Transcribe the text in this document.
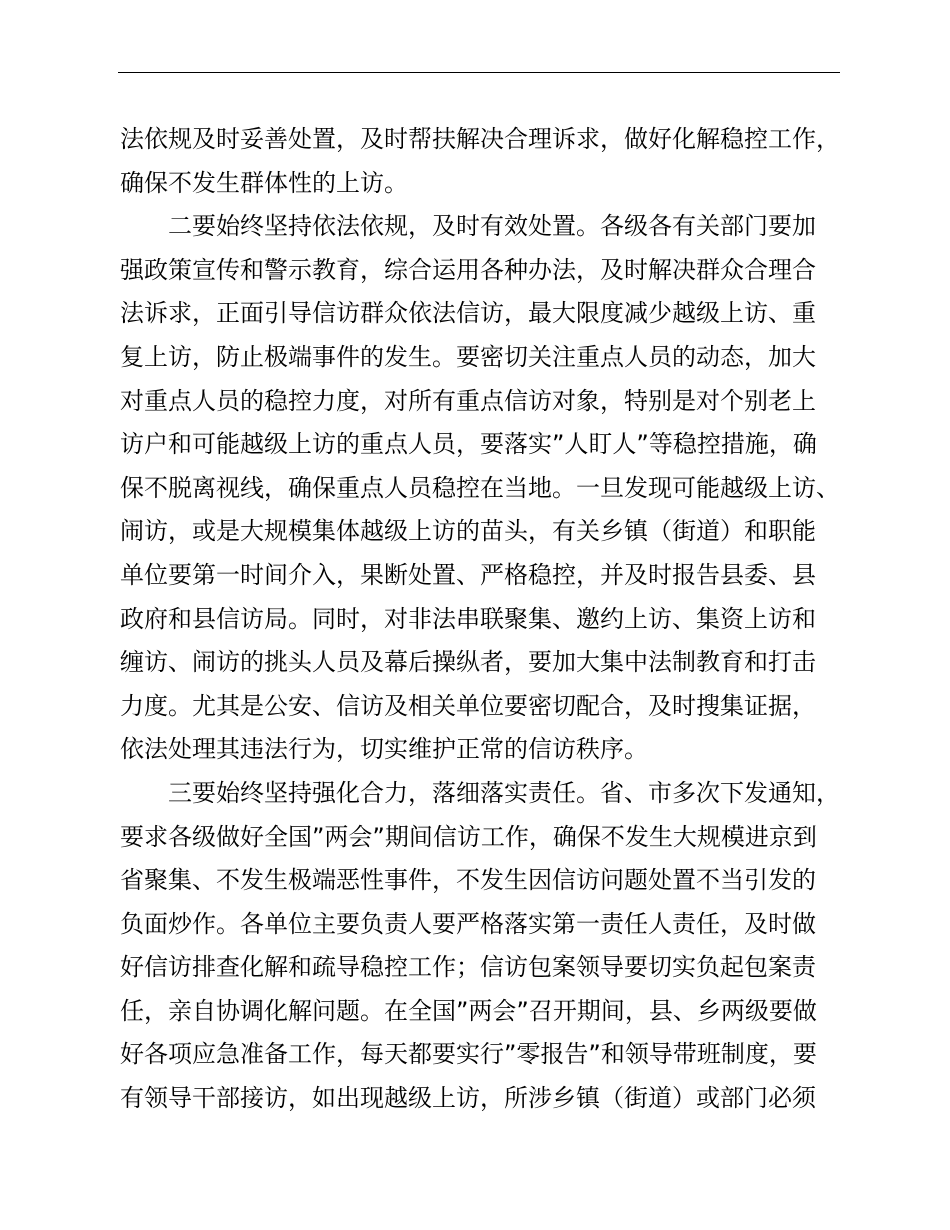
法依规及时妥善处置，及时帮扶解决合理诉求，做好化解稳控工作，
确保不发生群体性的上访。
二要始终坚持依法依规，及时有效处置。各级各有关部门要加
强政策宣传和警示教育，综合运用各种办法，及时解决群众合理合
法诉求，正面引导信访群众依法信访，最大限度减少越级上访、重
复上访，防止极端事件的发生。要密切关注重点人员的动态，加大
对重点人员的稳控力度，对所有重点信访对象，特别是对个别老上
访户和可能越级上访的重点人员，要落实”人盯人”等稳控措施，确
保不脱离视线，确保重点人员稳控在当地。一旦发现可能越级上访、
闹访，或是大规模集体越级上访的苗头，有关乡镇（街道）和职能
单位要第一时间介入，果断处置、严格稳控，并及时报告县委、县
政府和县信访局。同时，对非法串联聚集、邀约上访、集资上访和
缠访、闹访的挑头人员及幕后操纵者，要加大集中法制教育和打击
力度。尤其是公安、信访及相关单位要密切配合，及时搜集证据，
依法处理其违法行为，切实维护正常的信访秩序。
三要始终坚持强化合力，落细落实责任。省、市多次下发通知，
要求各级做好全国”两会”期间信访工作，确保不发生大规模进京到
省聚集、不发生极端恶性事件，不发生因信访问题处置不当引发的
负面炒作。各单位主要负责人要严格落实第一责任人责任，及时做
好信访排查化解和疏导稳控工作；信访包案领导要切实负起包案责
任，亲自协调化解问题。在全国”两会”召开期间，县、乡两级要做
好各项应急准备工作，每天都要实行”零报告”和领导带班制度，要
有领导干部接访，如出现越级上访，所涉乡镇（街道）或部门必须
